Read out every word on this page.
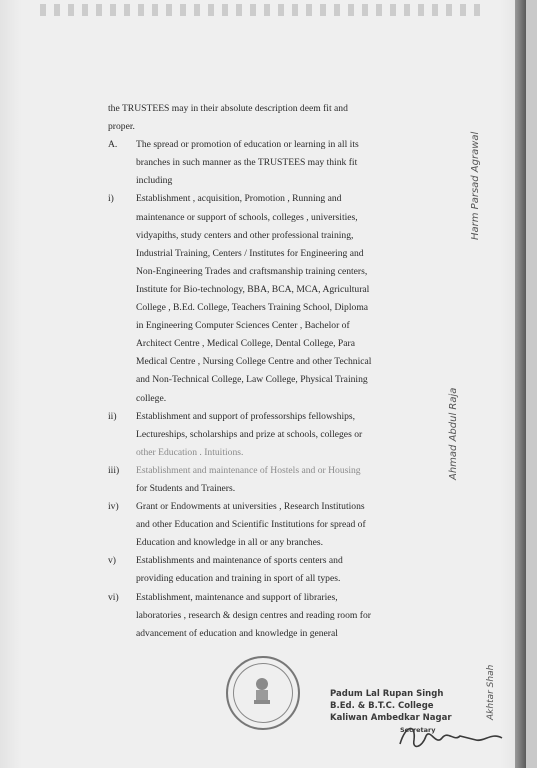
the TRUSTEES may in their absolute description deem fit and
proper.
A.	The spread or promotion of education or learning in all its
branches in such manner as the TRUSTEES may think fit
including
i)	Establishment , acquisition, Promotion , Running and
maintenance or support of schools, colleges , universities,
vidyapiths, study centers and other professional training,
Industrial Training, Centers / Institutes for Engineering and
Non-Engineering Trades and craftsmanship training centers,
Institute for Bio-technology, BBA, BCA, MCA, Agricultural
College , B.Ed. College, Teachers Training School, Diploma
in Engineering Computer Sciences Center , Bachelor of
Architect Centre , Medical College, Dental College, Para
Medical Centre , Nursing College Centre and other Technical
and Non-Technical College, Law College, Physical Training
college.
ii)	Establishment and support of professorships fellowships,
Lectureships, scholarships and prize at schools, colleges or
other Education . Intuitions.
iii)	Establishment and maintenance of Hostels and or Housing
for Students and Trainers.
iv)	Grant or Endowments at universities , Research Institutions
and other Education and Scientific Institutions for spread of
Education and knowledge in all or any branches.
v)	Establishments and maintenance of sports centers and
providing education and training in sport of all types.
vi)	Establishment, maintenance and support of libraries,
laboratories , research & design centres and reading room for
advancement of education and knowledge in general
Harm Parsad Agrawal
Ahmad Abdul Raja
Akhtar Shah
Padum Lal Rupan Singh
B.Ed. & B.T.C. College
Kaliwan Ambedkar Nagar
Secretary
